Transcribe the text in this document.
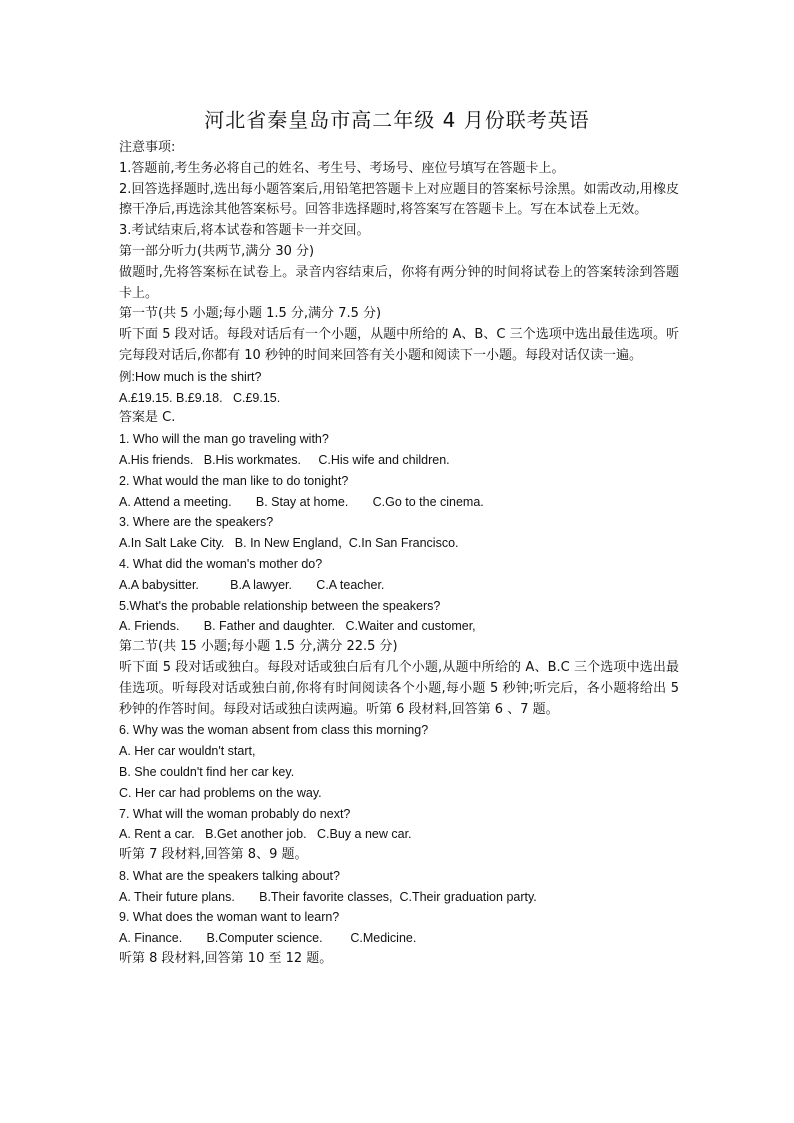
河北省秦皇岛市高二年级 4 月份联考英语
注意事项:
1.答题前,考生务必将自己的姓名、考生号、考场号、座位号填写在答题卡上。
2.回答选择题时,选出每小题答案后,用铅笔把答题卡上对应题目的答案标号涂黑。如需改动,用橡皮擦干净后,再选涂其他答案标号。回答非选择题时,将答案写在答题卡上。写在本试卷上无效。
3.考试结束后,将本试卷和答题卡一并交回。
第一部分听力(共两节,满分 30 分)
做题时,先将答案标在试卷上。录音内容结束后，你将有两分钟的时间将试卷上的答案转涂到答题卡上。
第一节(共 5 小题;每小题 1.5 分,满分 7.5 分)
听下面 5 段对话。每段对话后有一个小题，从题中所给的 A、B、C 三个选项中选出最佳选项。听完每段对话后,你都有 10 秒钟的时间来回答有关小题和阅读下一小题。每段对话仅读一遍。
例:How much is the shirt?
A.£19.15. B.£9.18.   C.£9.15.
答案是 C.
1. Who will the man go traveling with?
A.His friends.   B.His workmates.     C.His wife and children.
2. What would the man like to do tonight?
A. Attend a meeting.       B. Stay at home.       C.Go to the cinema.
3. Where are the speakers?
A.In Salt Lake City.   B. In New England,  C.In San Francisco.
4. What did the woman's mother do?
A.A babysitter.         B.A lawyer.       C.A teacher.
5.What's the probable relationship between the speakers?
A. Friends.       B. Father and daughter.   C.Waiter and customer,
第二节(共 15 小题;每小题 1.5 分,满分 22.5 分)
听下面 5 段对话或独白。每段对话或独白后有几个小题,从题中所给的 A、B.C 三个选项中选出最佳选项。听每段对话或独白前,你将有时间阅读各个小题,每小题 5 秒钟;听完后，各小题将给出 5 秒钟的作答时间。每段对话或独白读两遍。听第 6 段材料,回答第 6 、7 题。
6. Why was the woman absent from class this morning?
A. Her car wouldn't start,
B. She couldn't find her car key.
C. Her car had problems on the way.
7. What will the woman probably do next?
A. Rent a car.   B.Get another job.   C.Buy a new car.
听第 7 段材料,回答第 8、9 题。
8. What are the speakers talking about?
A. Their future plans.       B.Their favorite classes,  C.Their graduation party.
9. What does the woman want to learn?
A. Finance.       B.Computer science.        C.Medicine.
听第 8 段材料,回答第 10 至 12 题。
